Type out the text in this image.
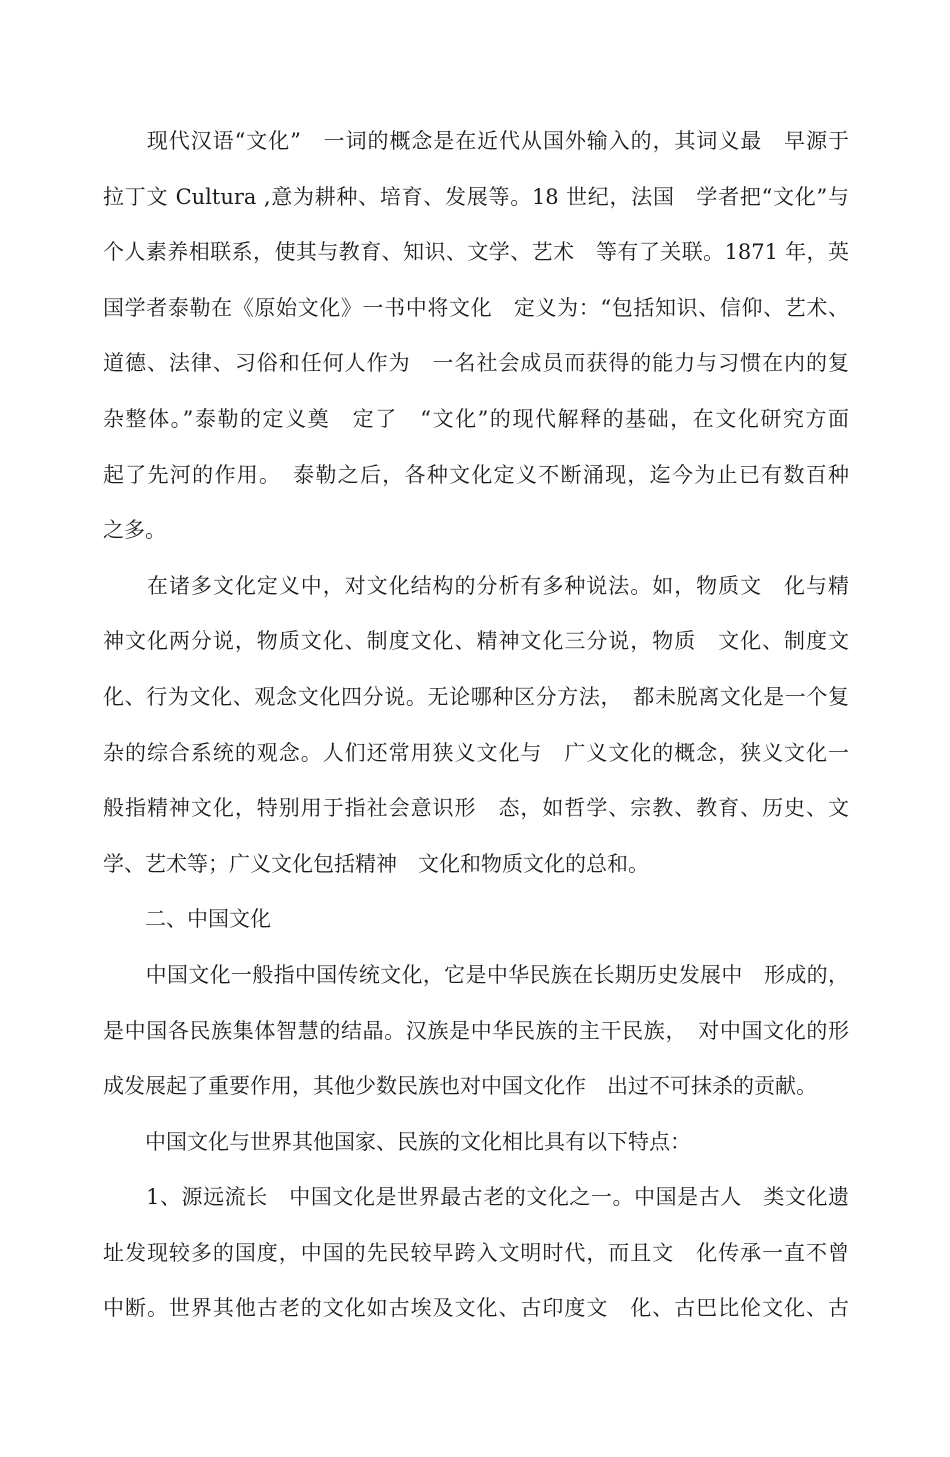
　　现代汉语“文化”　一词的概念是在近代从国外输入的，其词义最　早源于
拉丁文 Cultura ,意为耕种、培育、发展等。18 世纪，法国　学者把“文化”与
个人素养相联系，使其与教育、知识、文学、艺术　等有了关联。1871 年，英
国学者泰勒在《原始文化》一书中将文化　定义为：“包括知识、信仰、艺术、
道德、法律、习俗和任何人作为　一名社会成员而获得的能力与习惯在内的复
杂整体。”泰勒的定义奠　定了　“文化”的现代解释的基础，在文化研究方面
起了先河的作用。　泰勒之后，各种文化定义不断涌现，迄今为止已有数百种
之多。
　　在诸多文化定义中，对文化结构的分析有多种说法。如，物质文　化与精
神文化两分说，物质文化、制度文化、精神文化三分说，物质　文化、制度文
化、行为文化、观念文化四分说。无论哪种区分方法，　都未脱离文化是一个复
杂的综合系统的观念。人们还常用狭义文化与　广义文化的概念，狭义文化一
般指精神文化，特别用于指社会意识形　态，如哲学、宗教、教育、历史、文
学、艺术等；广义文化包括精神　文化和物质文化的总和。
　　二、中国文化
　　中国文化一般指中国传统文化，它是中华民族在长期历史发展中　形成的，
是中国各民族集体智慧的结晶。汉族是中华民族的主干民族，　对中国文化的形
成发展起了重要作用，其他少数民族也对中国文化作　出过不可抹杀的贡献。
　　中国文化与世界其他国家、民族的文化相比具有以下特点：
　　1、源远流长　中国文化是世界最古老的文化之一。中国是古人　类文化遗
址发现较多的国度，中国的先民较早跨入文明时代，而且文　化传承一直不曾
中断。世界其他古老的文化如古埃及文化、古印度文　化、古巴比伦文化、古
